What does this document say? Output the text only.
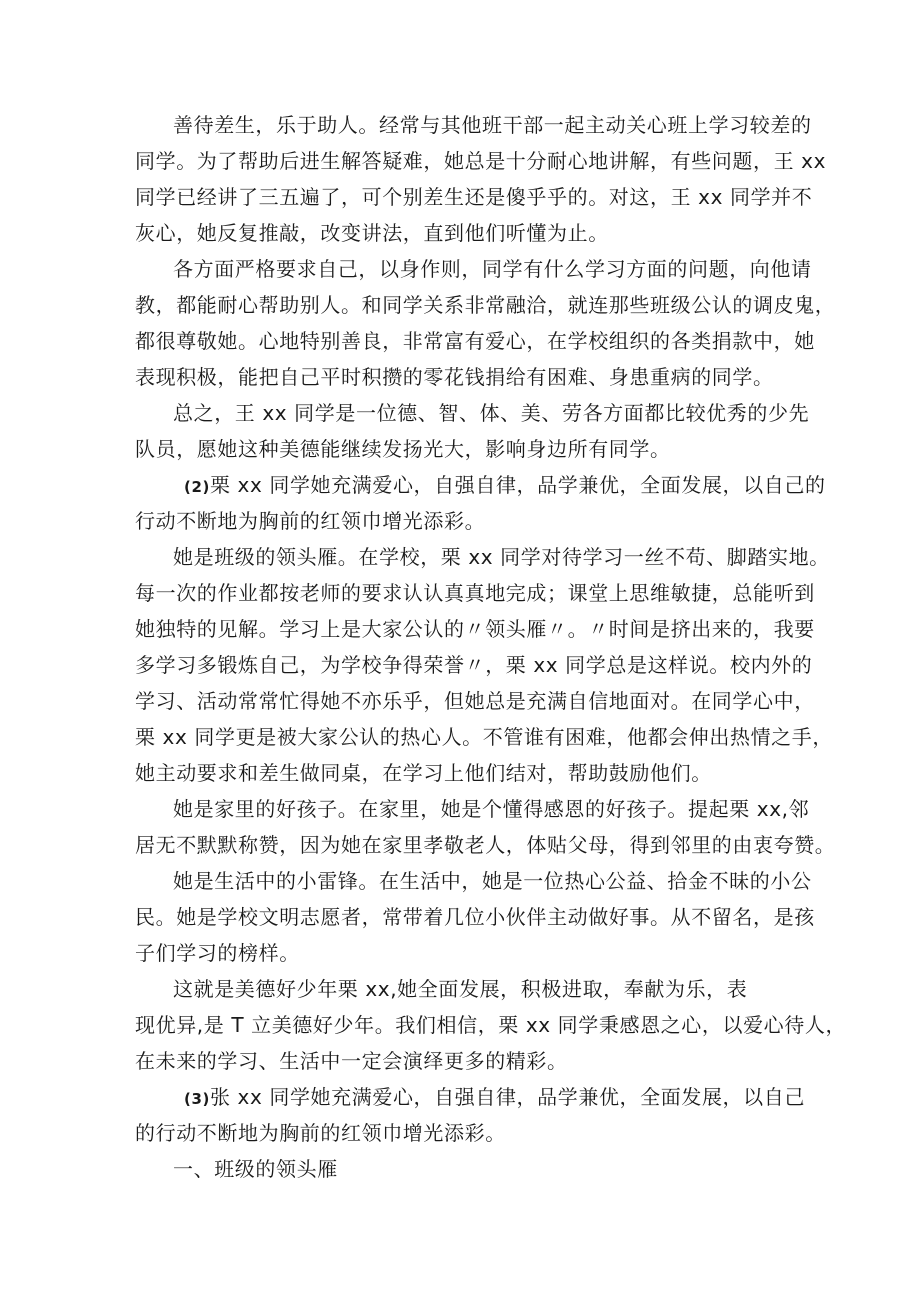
善待差生，乐于助人。经常与其他班干部一起主动关心班上学习较差的
同学。为了帮助后进生解答疑难，她总是十分耐心地讲解，有些问题，王 xx
同学已经讲了三五遍了，可个别差生还是傻乎乎的。对这，王 xx 同学并不
灰心，她反复推敲，改变讲法，直到他们听懂为止。
各方面严格要求自己，以身作则，同学有什么学习方面的问题，向他请
教，都能耐心帮助别人。和同学关系非常融洽，就连那些班级公认的调皮鬼，
都很尊敬她。心地特别善良，非常富有爱心，在学校组织的各类捐款中，她
表现积极，能把自己平时积攒的零花钱捐给有困难、身患重病的同学。
总之，王 xx 同学是一位德、智、体、美、劳各方面都比较优秀的少先
队员，愿她这种美德能继续发扬光大，影响身边所有同学。
(2)栗 xx 同学她充满爱心，自强自律，品学兼优，全面发展，以自己的
行动不断地为胸前的红领巾增光添彩。
她是班级的领头雁。在学校，栗 xx 同学对待学习一丝不苟、脚踏实地。
每一次的作业都按老师的要求认认真真地完成；课堂上思维敏捷，总能听到
她独特的见解。学习上是大家公认的〃领头雁〃。〃时间是挤出来的，我要
多学习多锻炼自己，为学校争得荣誉〃，栗 xx 同学总是这样说。校内外的
学习、活动常常忙得她不亦乐乎，但她总是充满自信地面对。在同学心中，
栗 xx 同学更是被大家公认的热心人。不管谁有困难，他都会伸出热情之手，
她主动要求和差生做同桌，在学习上他们结对，帮助鼓励他们。
她是家里的好孩子。在家里，她是个懂得感恩的好孩子。提起栗 xx,邻
居无不默默称赞，因为她在家里孝敬老人，体贴父母，得到邻里的由衷夸赞。
她是生活中的小雷锋。在生活中，她是一位热心公益、拾金不昧的小公
民。她是学校文明志愿者，常带着几位小伙伴主动做好事。从不留名，是孩
子们学习的榜样。
这就是美德好少年栗 xx,她全面发展，积极进取，奉献为乐，表
现优异,是 T 立美德好少年。我们相信，栗 xx 同学秉感恩之心，以爱心待人，
在未来的学习、生活中一定会演绎更多的精彩。
(3)张 xx 同学她充满爱心，自强自律，品学兼优，全面发展，以自己
的行动不断地为胸前的红领巾增光添彩。
一、班级的领头雁
